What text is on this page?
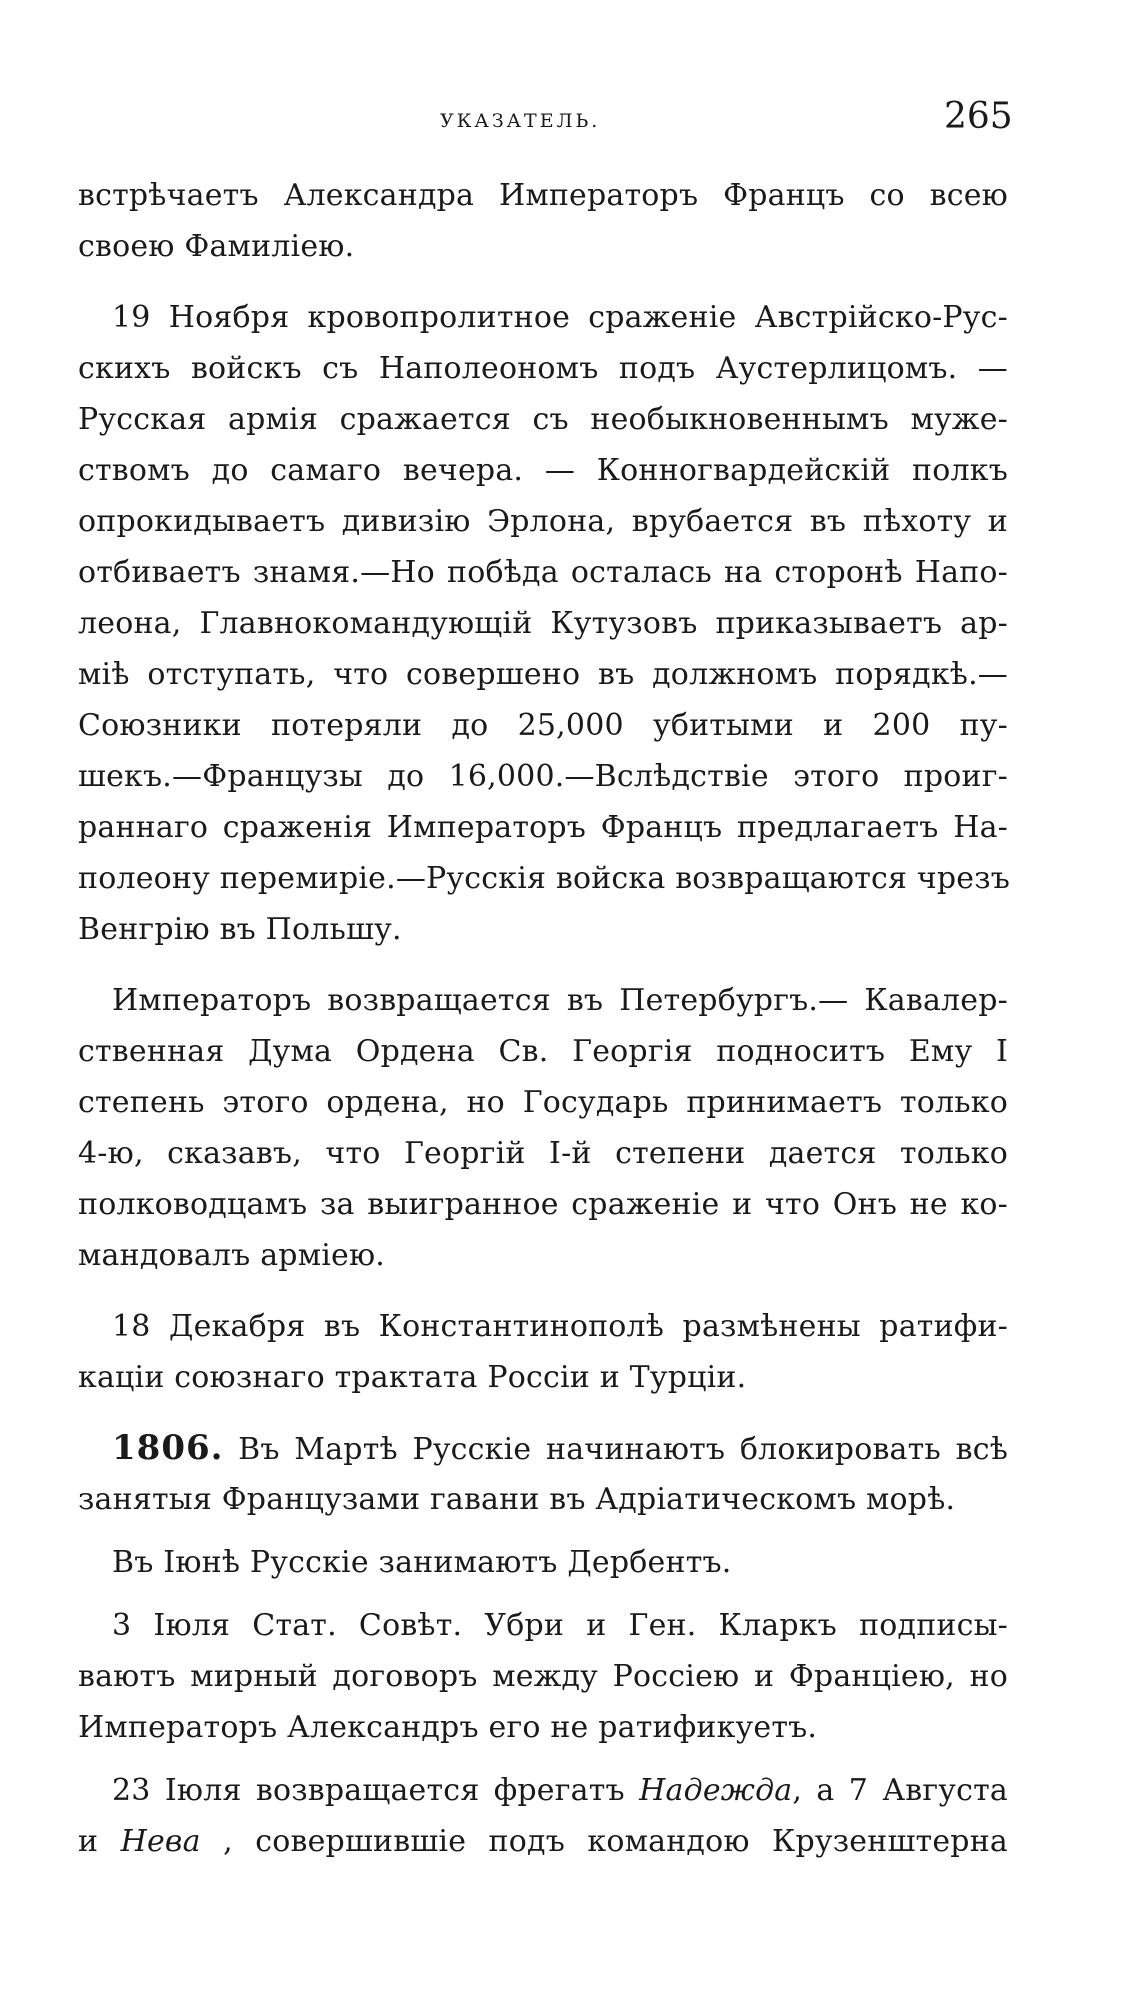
УКАЗАТЕЛЬ.	265
встрѣчаетъ Александра Императоръ Францъ со всею
своею Фамиліею.
19 Ноября кровопролитное сраженіе Австрійско-Рус-
скихъ войскъ съ Наполеономъ подъ Аустерлицомъ. —
Русская армія сражается съ необыкновеннымъ муже-
ствомъ до самаго вечера. — Конногвардейскій полкъ
опрокидываетъ дивизію Эрлона, врубается въ пѣхоту и
отбиваетъ знамя.—Но побѣда осталась на сторонѣ Напо-
леона, Главнокомандующій Кутузовъ приказываетъ ар-
міѣ отступать, что совершено въ должномъ порядкѣ.—
Союзники потеряли до 25,000 убитыми и 200 пу-
шекъ.—Французы до 16,000.—Вслѣдствіе этого проиг-
раннаго сраженія Императоръ Францъ предлагаетъ На-
полеону перемиріе.—Русскія войска возвращаются чрезъ
Венгрію въ Польшу.
Императоръ возвращается въ Петербургъ.— Кавалер-
ственная Дума Ордена Св. Георгія подноситъ Ему I
степень этого ордена, но Государь принимаетъ только
4-ю, сказавъ, что Георгій I-й степени дается только
полководцамъ за выигранное сраженіе и что Онъ не ко-
мандовалъ арміею.
18 Декабря въ Константинополѣ размѣнены ратифи-
каціи союзнаго трактата Россіи и Турціи.
1806. Въ Мартѣ Русскіе начинаютъ блокировать всѣ
занятыя Французами гавани въ Адріатическомъ морѣ.
Въ Іюнѣ Русскіе занимаютъ Дербентъ.
3 Іюля Стат. Совѣт. Убри и Ген. Кларкъ подписы-
ваютъ мирный договоръ между Россіею и Франціею, но
Императоръ Александръ его не ратификуетъ.
23 Іюля возвращается фрегатъ Надежда, а 7 Августа
и Нева , совершившіе подъ командою Крузенштерна
